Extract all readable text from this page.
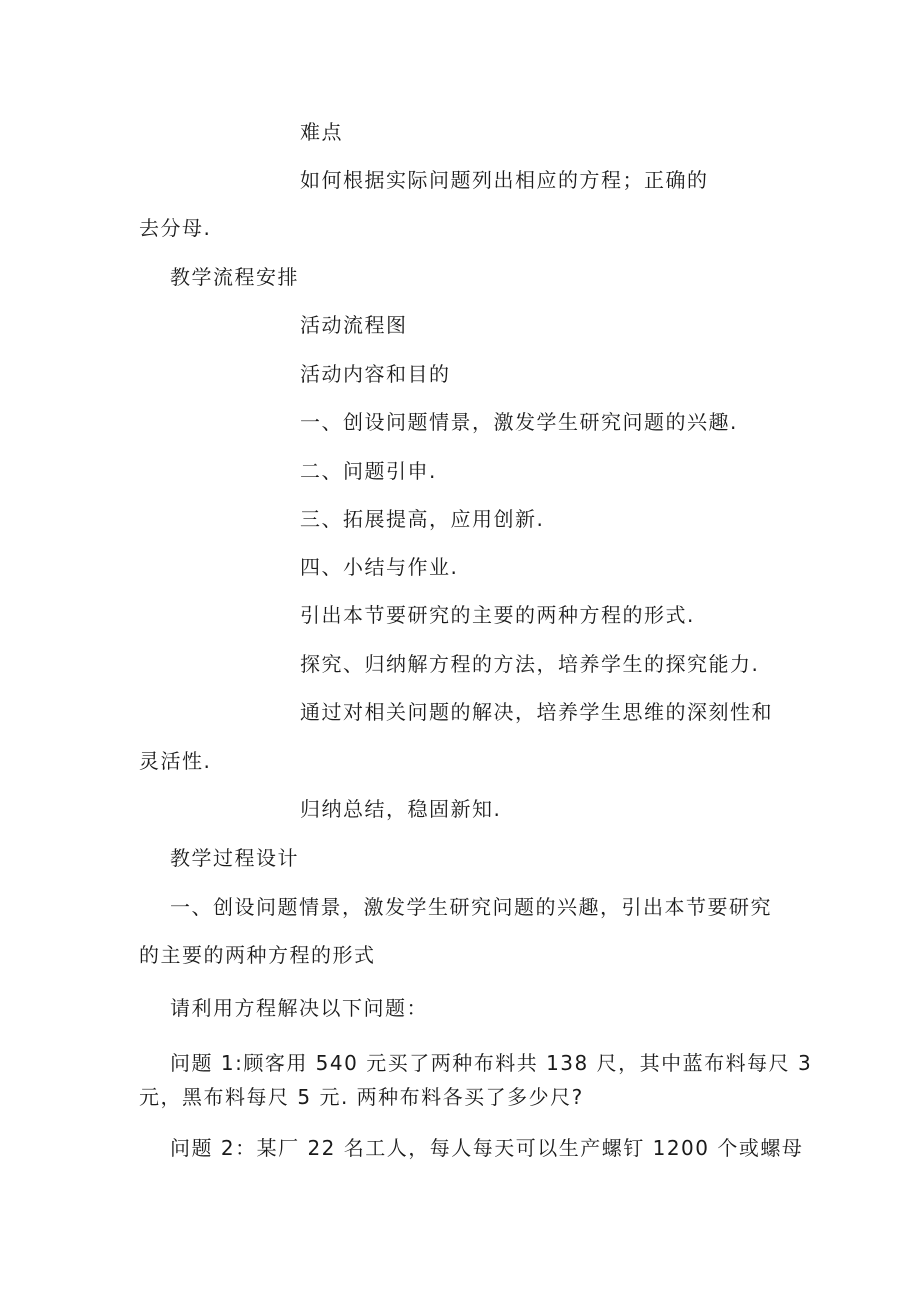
难点
如何根据实际问题列出相应的方程；正确的
去分母.
教学流程安排
活动流程图
活动内容和目的
一、创设问题情景，激发学生研究问题的兴趣.
二、问题引申.
三、拓展提高，应用创新.
四、小结与作业.
引出本节要研究的主要的两种方程的形式.
探究、归纳解方程的方法，培养学生的探究能力.
通过对相关问题的解决，培养学生思维的深刻性和
灵活性.
归纳总结，稳固新知.
教学过程设计
一、创设问题情景，激发学生研究问题的兴趣，引出本节要研究
的主要的两种方程的形式
请利用方程解决以下问题：
问题 1:顾客用 540 元买了两种布料共 138 尺，其中蓝布料每尺 3
元，黑布料每尺 5 元. 两种布料各买了多少尺?
问题 2：某厂 22 名工人，每人每天可以生产螺钉 1200 个或螺母
